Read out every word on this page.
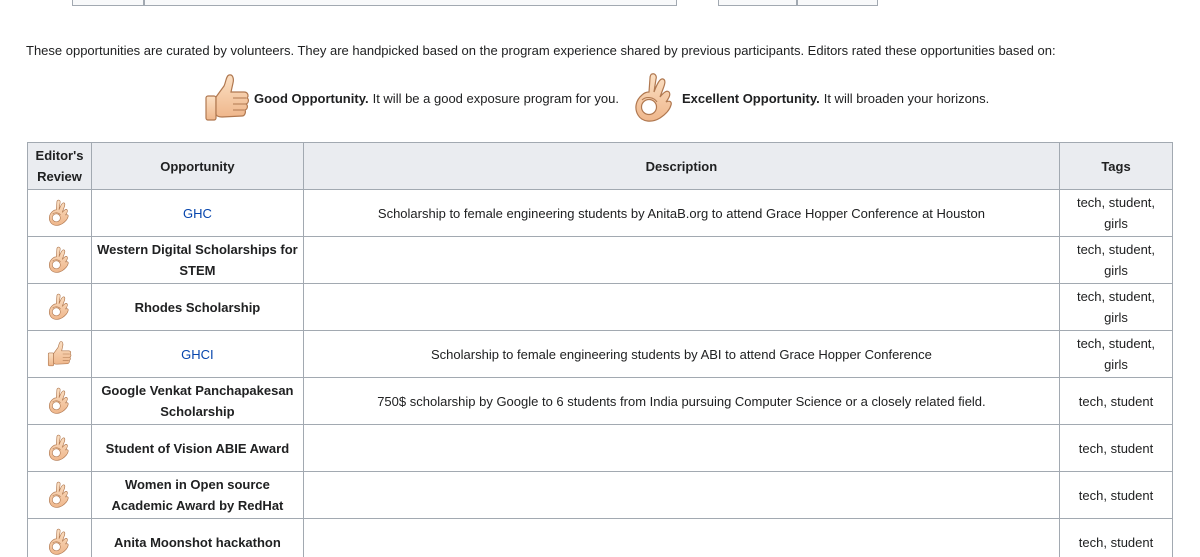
These opportunities are curated by volunteers. They are handpicked based on the program experience shared by previous participants. Editors rated these opportunities based on:

Good Opportunity. It will be a good exposure program for you.	Excellent Opportunity. It will broaden your horizons.
Editor's
Review	Opportunity	Description	Tags

	GHC	Scholarship to female engineering students by AnitaB.org to attend Grace Hopper Conference at Houston	tech, student, girls

	Western Digital Scholarships for STEM		tech, student, girls

	Rhodes Scholarship		tech, student, girls

	GHCI	Scholarship to female engineering students by ABI to attend Grace Hopper Conference	tech, student, girls

	Google Venkat Panchapakesan Scholarship	750$ scholarship by Google to 6 students from India pursuing Computer Science or a closely related field.	tech, student

	Student of Vision ABIE Award		tech, student

	Women in Open source Academic Award by RedHat		tech, student

	Anita Moonshot hackathon		tech, student
